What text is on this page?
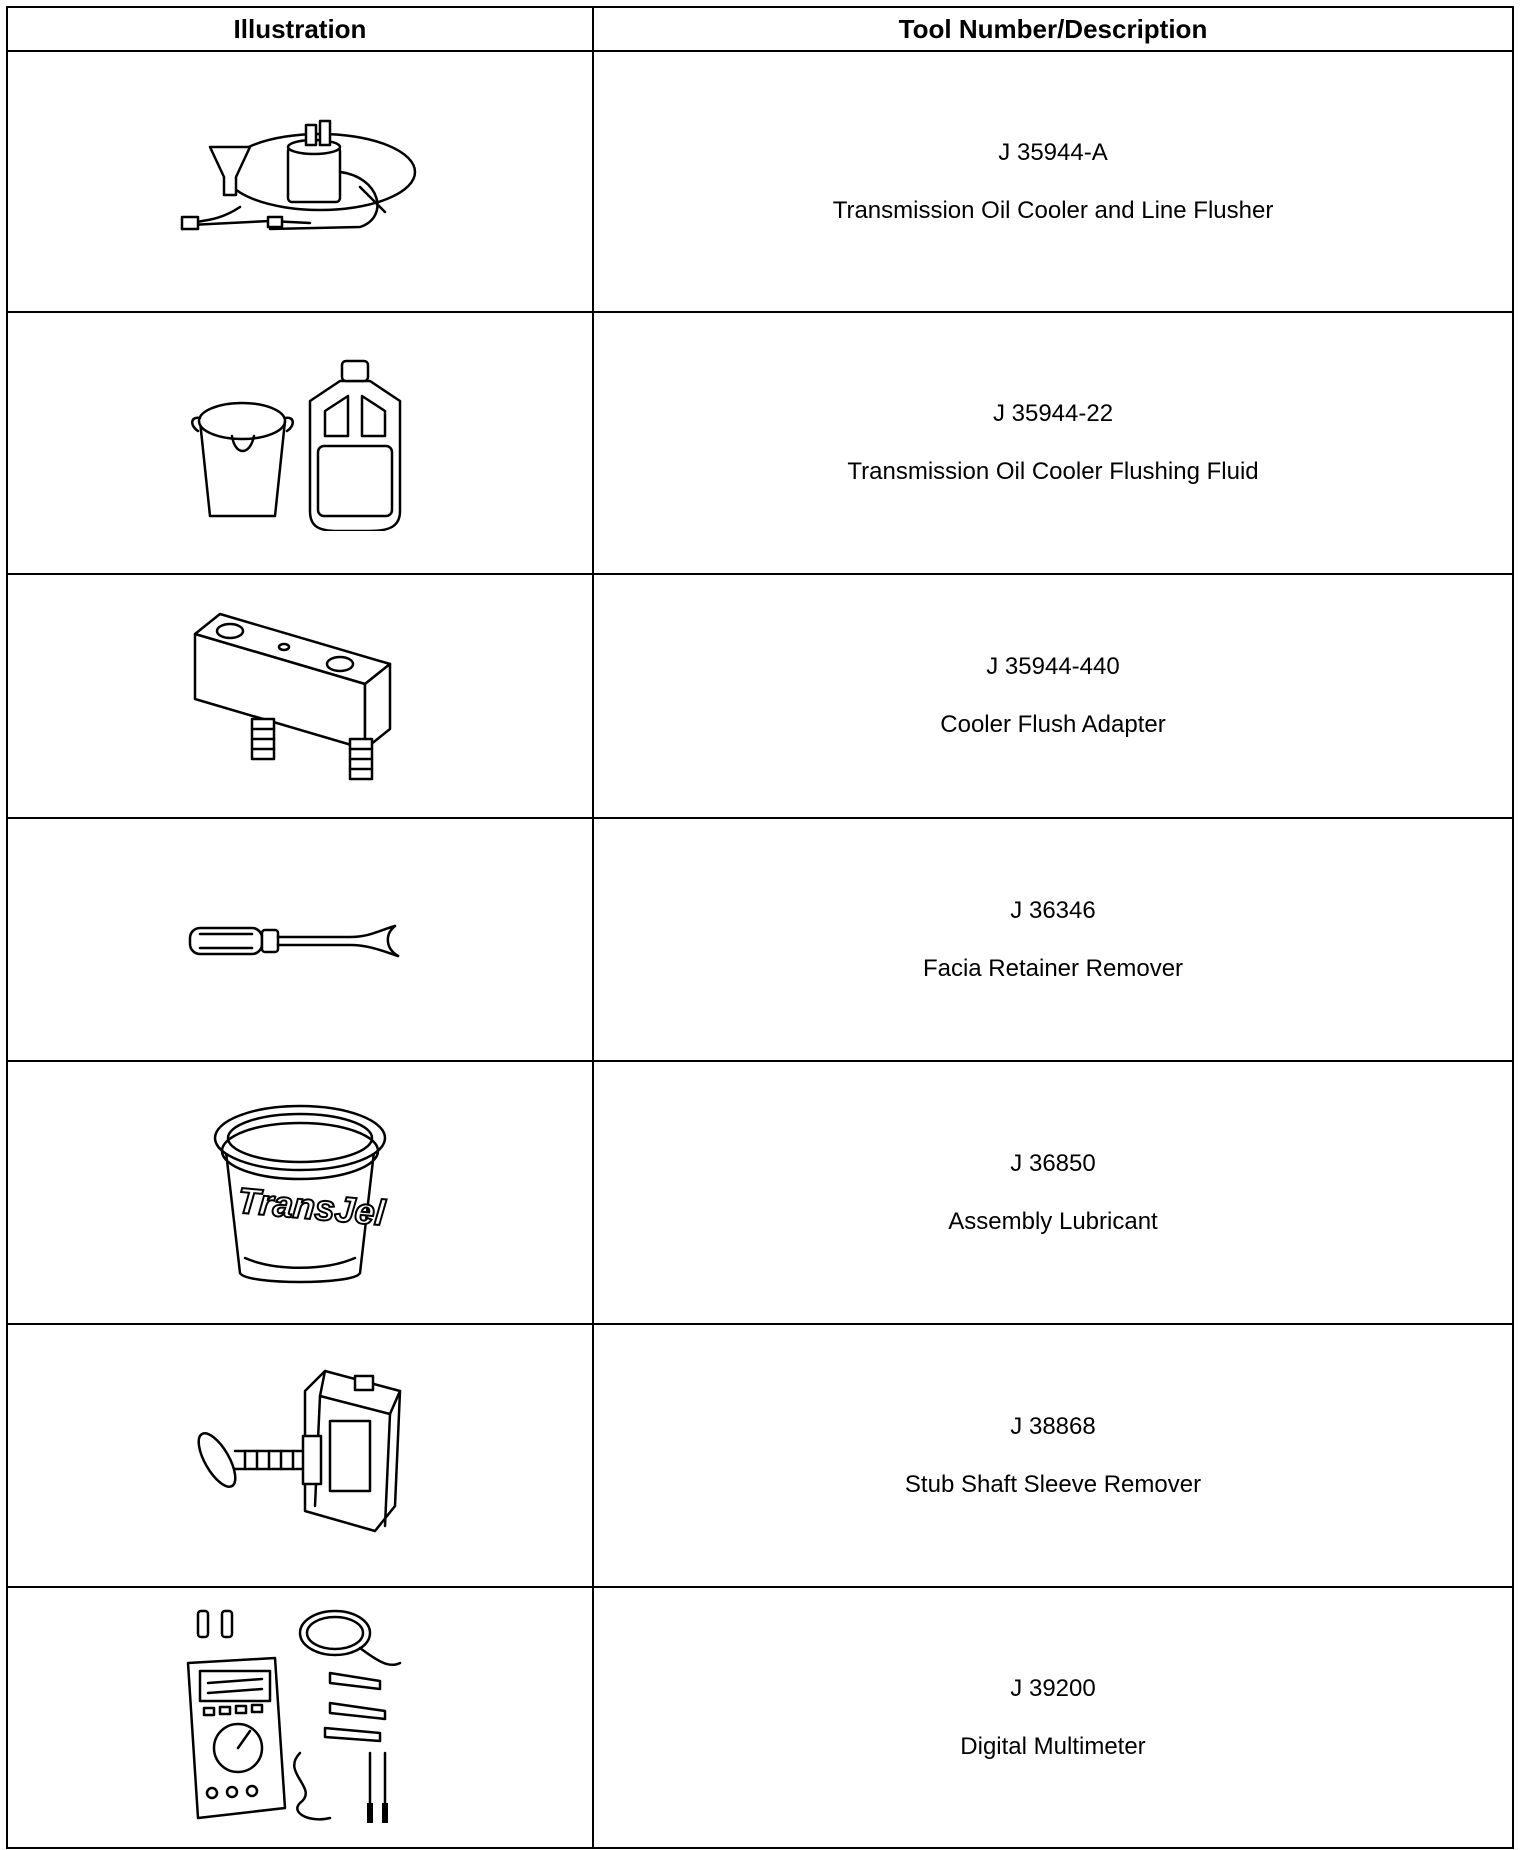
Illustration	Tool Number/Description

J 35944-A
Transmission Oil Cooler and Line Flusher

J 35944-22
Transmission Oil Cooler Flushing Fluid

J 35944-440
Cooler Flush Adapter

J 36346
Facia Retainer Remover

TransJel	J 36850
Assembly Lubricant

J 38868
Stub Shaft Sleeve Remover

J 39200
Digital Multimeter
